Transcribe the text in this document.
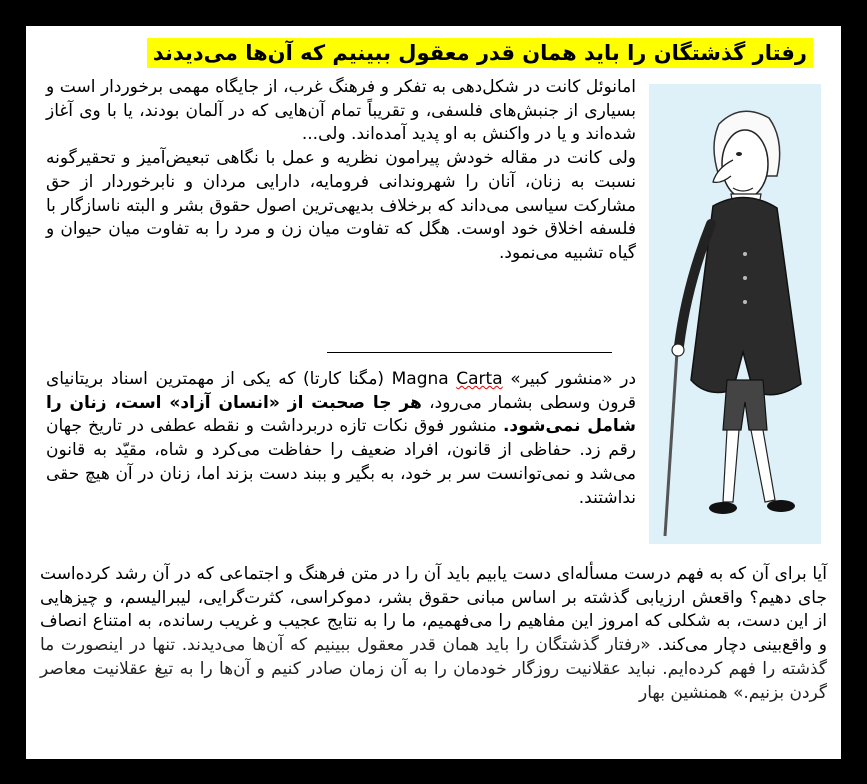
رفتار گذشتگان را باید همان قدر معقول ببینیم که آن‌ها می‌دیدند
امانوئل کانت در شکل‌دهی به تفکر و فرهنگ غرب، از جایگاه مهمی برخوردار است و بسیاری از جنبش‌های فلسفی، و تقریباً تمام آن‌هایی که در آلمان بودند، یا با وی آغاز شده‌اند و یا در واکنش به او پدید آمده‌اند. ولی...
ولی کانت در مقاله خودش پیرامون نظریه و عمل با نگاهی تبعیض‌آمیز و تحقیرگونه نسبت به زنان، آنان را شهروندانی فرومایه، دارایی مردان و نابرخوردار از حق مشارکت سیاسی می‌داند که برخلاف بدیهی‌ترین اصول حقوق بشر و البته ناسازگار با فلسفه اخلاق خود اوست. هگل که تفاوت میان زن و مرد را به تفاوت میان حیوان و گیاه تشبیه می‌نمود.
در «منشور کبیر» Magna Carta (مگنا کارتا) که یکی از مهمترین اسناد بریتانیای قرون وسطی بشمار می‌رود، هر جا صحبت از «انسان آزاد» است، زنان را شامل نمی‌شود. منشور فوق نکات تازه دربرداشت و نقطه عطفی در تاریخ جهان رقم زد. حفاظی از قانون، افراد ضعیف را حفاظت می‌کرد و شاه، مقیّد به قانون می‌شد و نمی‌توانست سر بر خود، به بگیر و ببند دست بزند اما، زنان در آن هیچ حقی نداشتند.
آیا برای آن که به فهم درست مسأله‌ای دست یابیم باید آن را در متن فرهنگ و اجتماعی که در آن رشد کرده‌است جای دهیم؟ واقعش ارزیابی گذشته بر اساس مبانی حقوق بشر، دموکراسی، کثرت‌گرایی، لیبرالیسم، و چیزهایی از این دست، به شکلی که امروز این مفاهیم را می‌فهمیم، ما را به نتایج عجیب و غریب رسانده، به امتناع انصاف و واقع‌بینی دچار می‌کند. «رفتار گذشتگان را باید همان قدر معقول ببینیم که آن‌ها می‌دیدند. تنها در اینصورت ما گذشته را فهم کرده‌ایم. نباید عقلانیت روزگار خودمان را به آن زمان صادر کنیم و آن‌ها را به تیغ عقلانیت معاصر گردن بزنیم.» همنشین بهار
